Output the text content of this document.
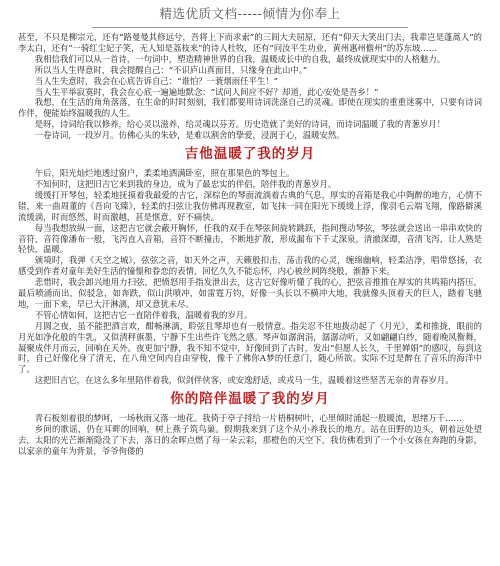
精选优质文档-----倾情为你奉上

甚至，不只是柳宗元，还有“路曼曼其修远兮，吾将上下而求索”的三闾大夫屈原，还有“仰天大笑出门去，我辈岂是蓬蒿人”的李太白，还有“一骑红尘妃子笑，无人知是荔枝来”的诗人杜牧，还有“问汝平生功业，黄州惠州儋州”的苏东坡……

我相信我们可以从一首诗，一句词中，塑造精神世界的自我，温暖成长中的自我，最终成就现实中的人格魅力。

所以当人生得意时，我会提醒自己：“不识庐山真面目，只缘身在此山中。”

当人生失意时，我会在心底告诉自己：“谁怕？一蓑烟雨任平生！”

当人生平举寂寞时，我会在心底一遍遍地默念：“试问人间应不好？却道，此心安处是吾乡！”

我想，在生活的角角落落，在生命的时时刻刻，我们都要用诗词洗涤自己的灵魂。即使在现实的重重迷雾中，只要有诗词作伴，便能始终温暖我的人生。

是呀，诗词给我以修养，给心灵以滋养，给灵魂以芬芳。历史造就了美好的诗词，而诗词温暖了我的青葱岁月！

一卷诗词，一段岁月。仿佛心头的朱砂，是难以割舍的挚爱，浸润于心，温暖安然。

吉他温暖了我的岁月

午后，阳光灿烂地透过窗户，柔柔地洒满卧室，照在那果色的琴包上。

不知何时，这把旧吉它来到我的身边，成为了最忠实的伴侣，陪伴我的青葱岁月。

缓缓打开琴包，轻柔地抚摸着我最爱的吉它，深棕色的琴面流淌着古典的气息，厚实的音箱是我心中陶醉的地方，心情不错，来一曲周董的《吾向飞臻》，轻柔的扫弦让我仿佛再现教室，如飞抹一同在阳光下缓缓上浮，像羽毛云端飞翔，像路僻溪流缓淌，时而悠然，时而激越，甚是惬意，好不痛快。

每当我想放纵一面，这把吉它就会蔽开胸怀，任我的双手在琴弦间旋转跳跃，指间搜动琴弦，琴弦就会送出一串串欢快的音符，音符像潘布一般，飞泻直入音箱，音符不断撞击，不断地扩散，形成漏布下千丈深泉，清澈深谭，音清飞泻，让人熟是轻快，温暖。

颁境时，我弹《天空之城》，弦弦之音，如天外之声，天籁般扣击，荡击我的心灵，缠绵幽响，轻柔洁净，唱带悠扬，衣感受到作者对童年美好生活的憧憬和眷恋的表情，回忆久久不能忘怀，内心被丝网阵绕般，渐静下来。

悲惜时，我会卸兴地用力扫弦，把愤怒用手指发泄出去，这吉它好像听懂了我的心，把弦音推推在厚实的共鸣箱内搭压，最后喷涌而出，似驳急，如奔跌，似山洪喷冲，如雷霆万钧，好像一头长以不横冲大地，我就像头顶着天的巨人，踏着飞驰地，一面下来，早已大汗淋漓，却又意犹未尽。

不管心情如何，这把吉它一直陪伴着我，温暖着我的岁月。

月圆之夜，虽不能把酒言欢，酣畅淋漓，聆弦且琴却也有一般情意。指尖忍不住地拨动起了《月光》，柔和推拢，眼前的月光如净化般的牛乳，又似清秤旗墨，宁静下生出些许飞然之感。琴声如潺润涓，潺潺动听，又如翩翩白纱，随着晚风衡舞，凝聚成伴月而云，回响在天外。夜更加宁静，我不知不觉中，好像回到了古时，发出“但愿人长久，千里婵娟”的感叹，每到这时，自己好像化身了清无，在八角空间内自由穿梭，像千了佛你A梦的任意门，随心所欲。实际不过是醉在了音乐的海洋中了。

这把旧吉它，在这么多年里陪伴着我，似剑伴侠客，或安逸舒适，或戎马一生，温暖着这些坚苦无奈的青春岁月。

你的陪伴温暖了我的岁月

青石板刻着很的梦呵，一场秋雨又落一地花。我倚于亭子捋给一片梧桐树叶，心里倾时涌起一股暖流，思绪万千……

乡间的歌谣，仍在耳畔的回响，树上燕子筑鸟巢。假期我来到了这个从小养我长的地方。站在田野的边头，朝着远处望去，太阳的光芒渐渐隐没了下去，落日的余晖点燃了每一朵云彩，那橙色的天空下，我仿佛看到了一个小女孩在奔跑的身影，以家亲的童年为背景，爷爷佝偻的
